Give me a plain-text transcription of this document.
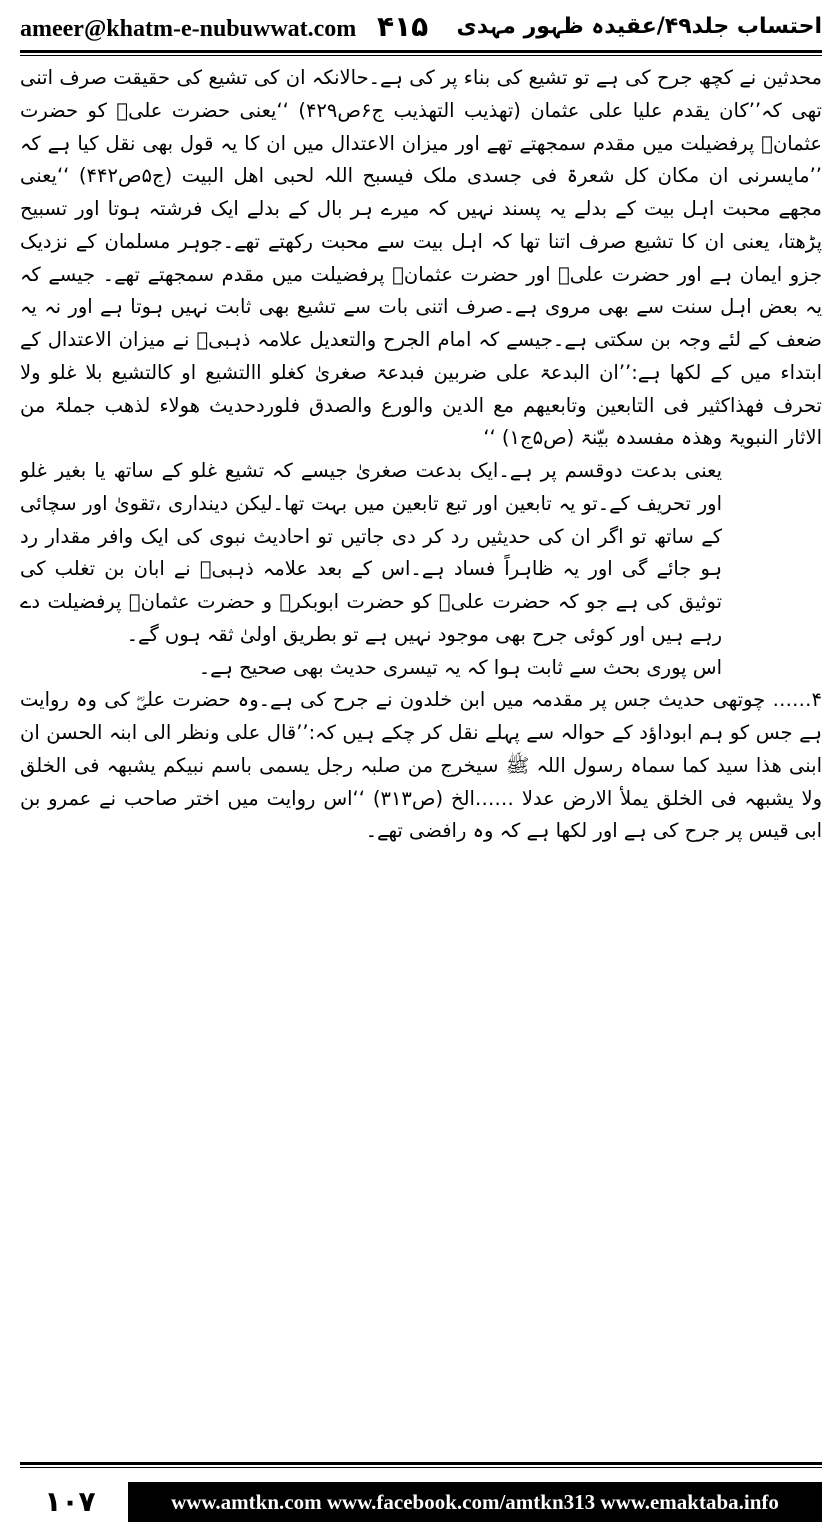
ameer@khatm-e-nubuwwat.com ۴۱۵ احتساب جلد۴۹/عقیدہ ظہور مہدی

محدثین نے کچھ جرح کی ہے تو تشیع کی بناء پر کی ہے۔حالانکہ ان کی تشیع کی حقیقت صرف اتنی تھی کہ’’کان یقدم علیا علی عثمان (تھذیب التھذیب ج۶ص۴۲۹) ‘‘یعنی حضرت علیؓ کو حضرت عثمانؓ پرفضیلت میں مقدم سمجھتے تھے اور میزان الاعتدال میں ان کا یہ قول بھی نقل کیا ہے کہ ’’مایسرنی ان مکان کل شعرۃ فی جسدی ملک فیسبح اللہ لحبی اھل البیت (ج۵ص۴۴۲) ‘‘یعنی مجھے محبت اہل بیت کے بدلے یہ پسند نہیں کہ میرے ہر بال کے بدلے ایک فرشتہ ہوتا اور تسبیح پڑھتا، یعنی ان کا تشیع صرف اتنا تھا کہ اہل بیت سے محبت رکھتے تھے۔جوہر مسلمان کے نزدیک جزو ایمان ہے اور حضرت علیؓ اور حضرت عثمانؓ پرفضیلت میں مقدم سمجھتے تھے۔ جیسے کہ یہ بعض اہل سنت سے بھی مروی ہے۔صرف اتنی بات سے تشیع بھی ثابت نہیں ہوتا ہے اور نہ یہ ضعف کے لئے وجہ بن سکتی ہے۔جیسے کہ امام الجرح والتعدیل علامہ ذہبیؒ نے میزان الاعتدال کے ابتداء میں کے لکھا ہے:’’ان البدعۃ علی ضربین فبدعۃ صغریٰ کغلو االتشیع او کالتشیع بلا غلو ولا تحرف فھذاکثیر فی التابعین وتابعیھم مع الدین والورع والصدق فلوردحدیث ھولاء لذھب جملۃ من الاثار النبویۃ وھذہ مفسدہ بیّنۃ (ص۵ج۱) ‘‘

یعنی بدعت دوقسم پر ہے۔ایک بدعت صغریٰ جیسے کہ تشیع غلو کے ساتھ یا بغیر غلو اور تحریف کے۔تو یہ تابعین اور تبع تابعین میں بہت تھا۔لیکن دینداری ،تقویٰ اور سچائی کے ساتھ تو اگر ان کی حدیثیں رد کر دی جاتیں تو احادیث نبوی کی ایک وافر مقدار رد ہو جائے گی اور یہ ظاہراً فساد ہے۔اس کے بعد علامہ ذہبیؒ نے ابان بن تغلب کی توثیق کی ہے جو کہ حضرت علیؓ کو حضرت ابوبکرؓ و حضرت عثمانؓ پرفضیلت دے رہے ہیں اور کوئی جرح بھی موجود نہیں ہے تو بطریق اولیٰ ثقہ ہوں گے۔

اس پوری بحث سے ثابت ہوا کہ یہ تیسری حدیث بھی صحیح ہے۔

۴…… چوتھی حدیث جس پر مقدمہ میں ابن خلدون نے جرح کی ہے۔وہ حضرت علیؓ کی وہ روایت ہے جس کو ہم ابوداؤد کے حوالہ سے پہلے نقل کر چکے ہیں کہ:’’قال علی ونظر الی ابنہ الحسن ان ابنی ھذا سید کما سماہ رسول اللہ ﷺ سیخرج من صلبہ رجل یسمی باسم نبیکم یشبھہ فی الخلق ولا یشبھہ فی الخلق یملأ الارض عدلا ……الخ (ص۳۱۳) ‘‘اس روایت میں اختر صاحب نے عمرو بن ابی قیس پر جرح کی ہے اور لکھا ہے کہ وہ رافضی تھے۔

۱۰۷	www.amtkn.com www.facebook.com/amtkn313 www.emaktaba.info
